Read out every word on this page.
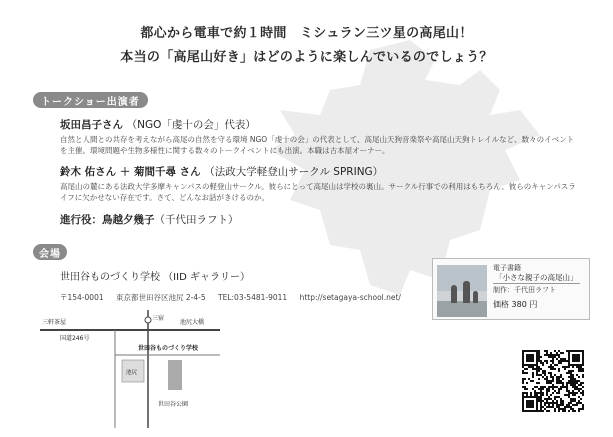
都心から電車で約１時間　ミシュラン三ツ星の高尾山！
本当の「高尾山好き」はどのように楽しんでいるのでしょう？
トークショー出演者
坂田昌子さん （NGO「虔十の会」代表）
自然と人間との共存を考えながら高尾の自然を守る環境 NGO「虔十の会」の代表として、高尾山天狗音楽祭や高尾山天狗トレイルなど、数々のイベントを主催。環境問題や生物多様性に関する数々のトークイベントにも出演。本職は古本屋オーナー。
鈴木 佑さん ＋ 菊間千尋 さん （法政大学軽登山サークル SPRING）
高尾山の麓にある法政大学多摩キャンパスの軽登山サークル。彼らにとって高尾山は学校の裏山。サークル行事での利用はもちろん、彼らのキャンパスライフに欠かせない存在です。さて、どんなお話がきけるのか。
進行役：鳥越夕幾子（千代田ラフト）
会場
世田谷ものづくり学校 （IID ギャラリー）
〒154-0001 東京都世田谷区池尻 2-4-5 TEL:03-5481-9011 http://setagaya-school.net/
三軒茶屋
国道246号
三宿
池尻大橋
世田谷ものづくり学校
池尻
世田谷公園
電子書籍
「小さな親子の高尾山」
制作：千代田ラフト
価格 380 円
